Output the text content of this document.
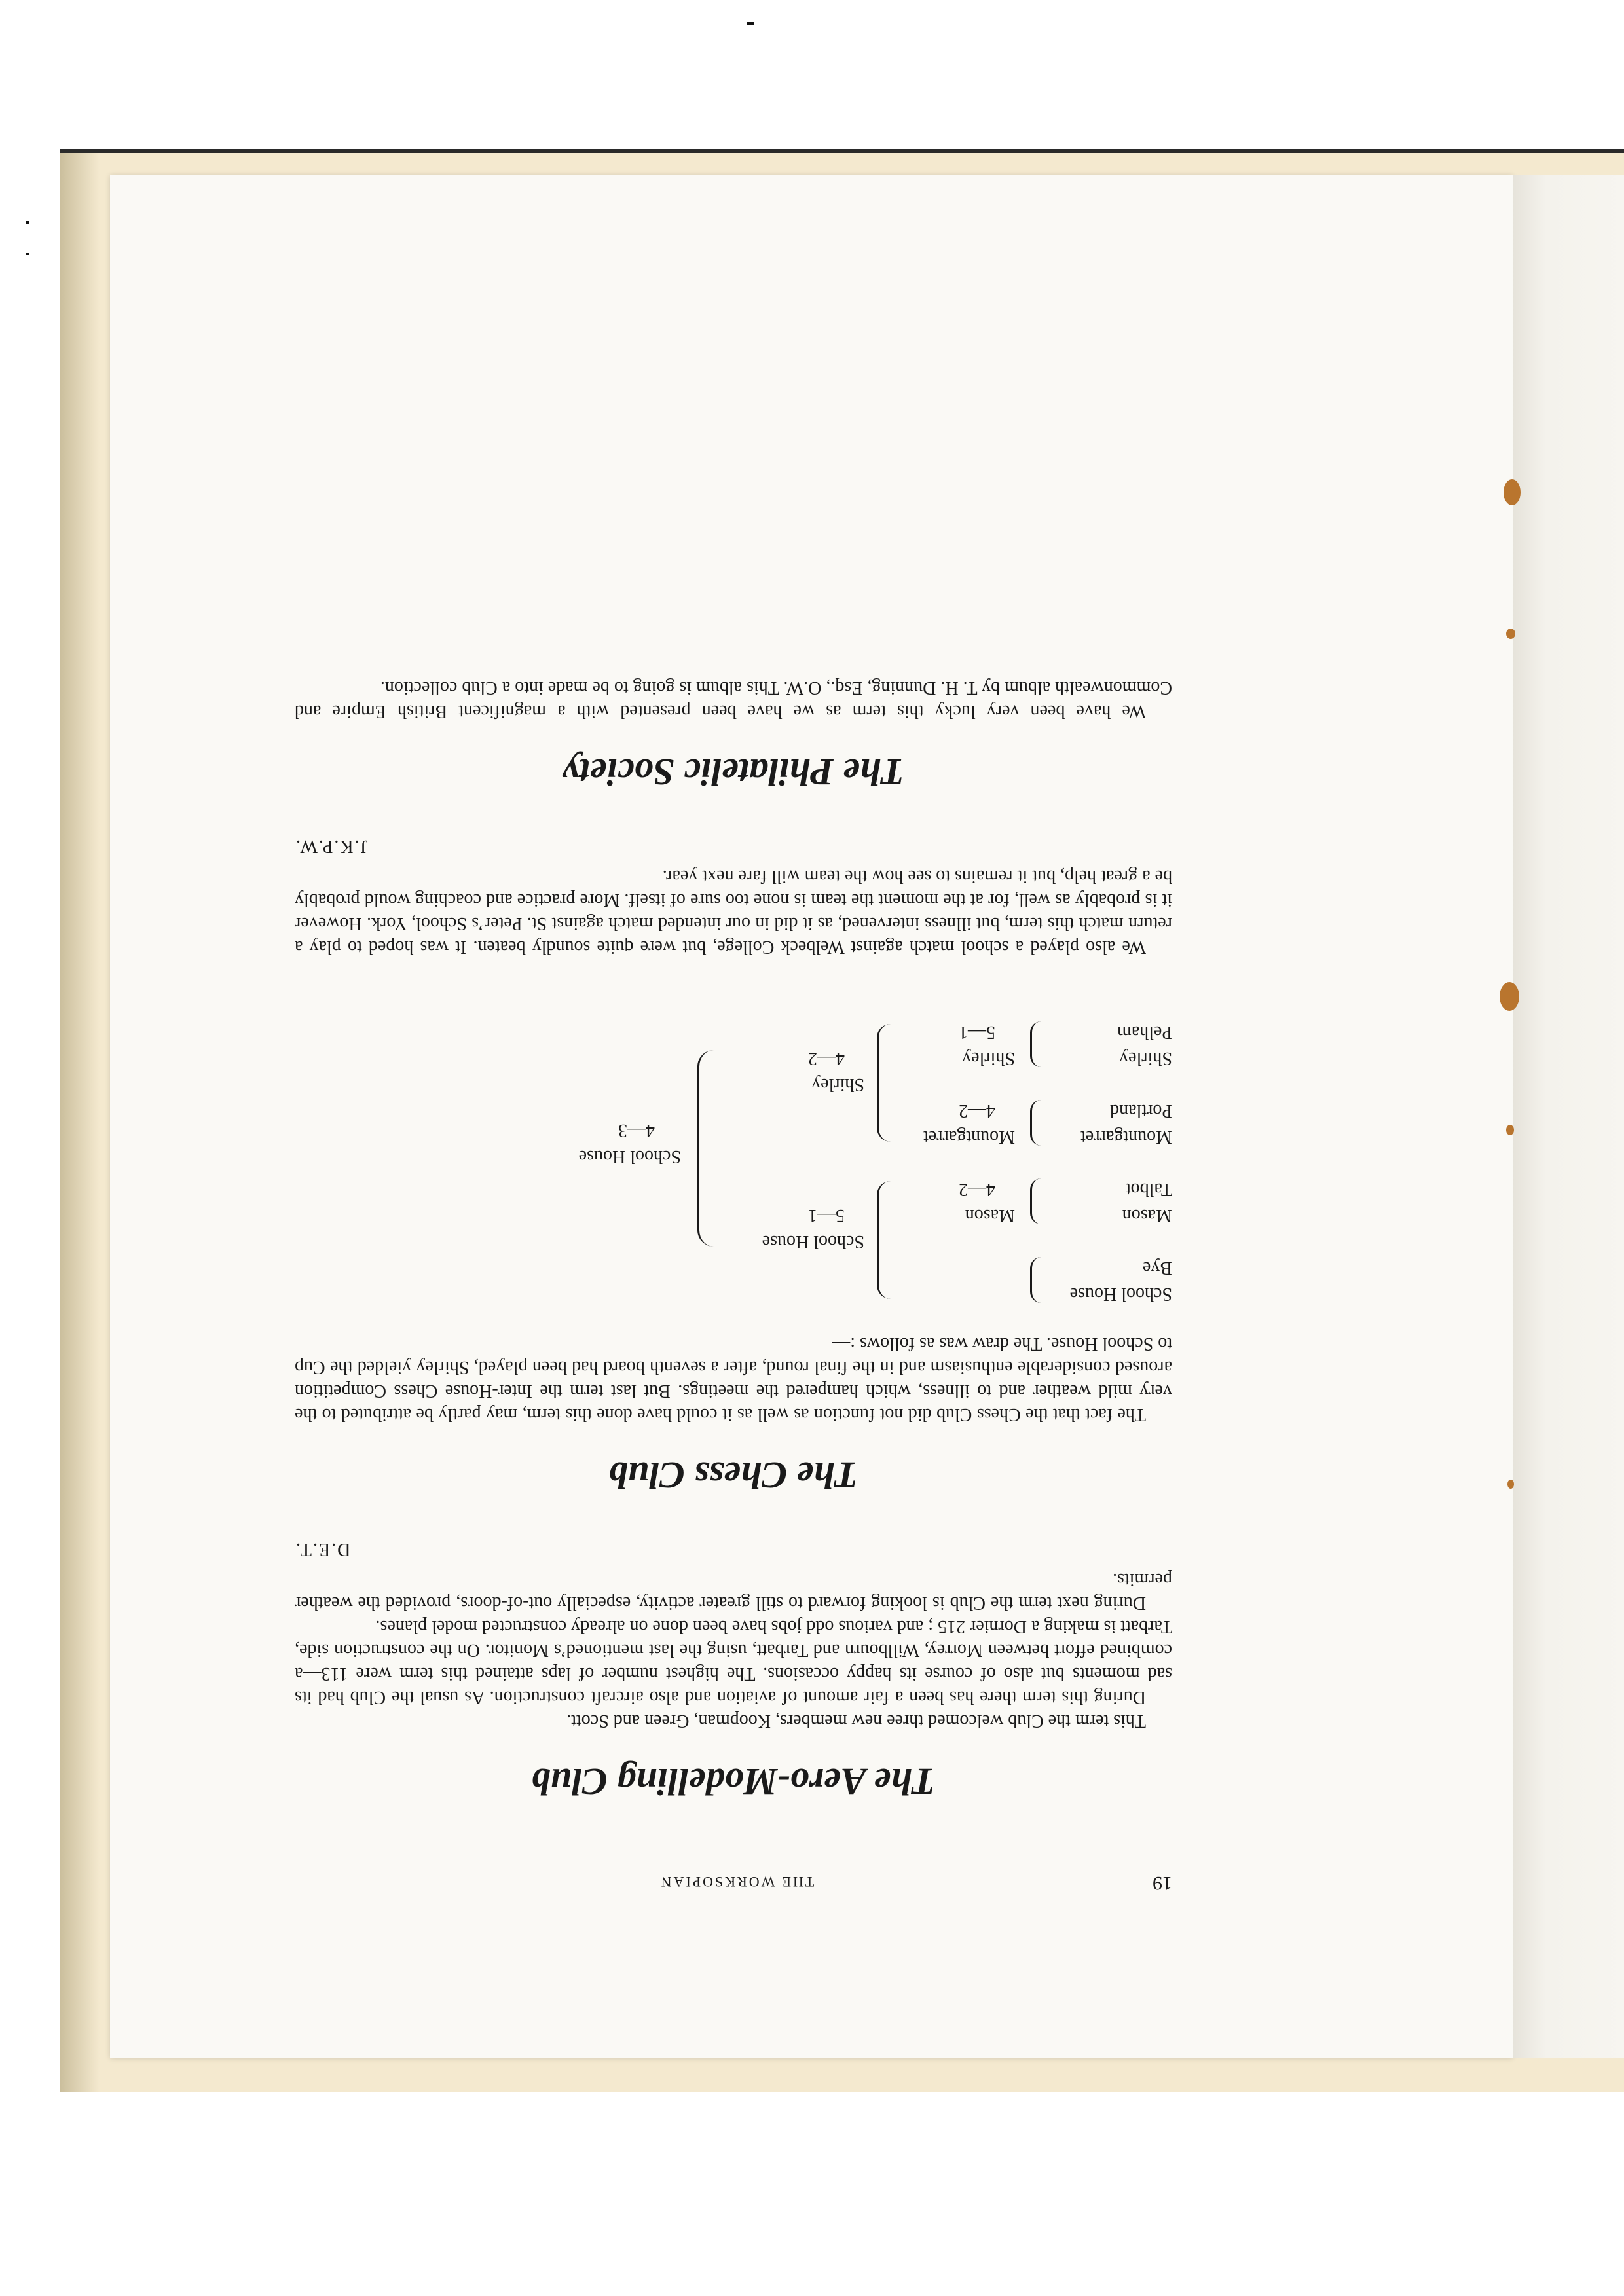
19
THE WORKSOPIAN
The Aero-Modelling Club

This term the Club welcomed three new members, Koopman, Green and Scott.

During this term there has been a fair amount of aviation and also aircraft construction. As usual the Club had its sad moments but also of course its happy occasions. The highest number of laps attained this term were 113—a combined effort between Morrey, Willbourn and Tarbatt, using the last mentioned’s Monitor. On the construction side, Tarbatt is making a Dornier 215 ; and various odd jobs have been done on already constructed model planes.

During next term the Club is looking forward to still greater activity, especially out-of-doors, provided the weather permits.

D.E.T.
The Chess Club

The fact that the Chess Club did not function as well as it could have done this term, may partly be attributed to the very mild weather and to illness, which hampered the meetings. But last term the Inter-House Chess Competition aroused considerable enthusiasm and in the final round, after a seventh board had been played, Shirley yielded the Cup to School House. The draw was as follows :—

School House
Bye
Mason
Talbot
Mason
4—2
Mountgarret
Portland
Mountgarret
4—2
Shirley
Pelham
Shirley
5—1
School House
5—1
Shirley
4—2
School House
4—3

We also played a school match against Welbeck College, but were quite soundly beaten. It was hoped to play a return match this term, but illness intervened, as it did in our intended match against St. Peter’s School, York. However it is probably as well, for at the moment the team is none too sure of itself. More practice and coaching would probably be a great help, but it remains to see how the team will fare next year.

J.K.P.W.
The Philatelic Society

We have been very lucky this term as we have been presented with a magnificent British Empire and Commonwealth album by T. H. Dunning, Esq., O.W. This album is going to be made into a Club collection.
